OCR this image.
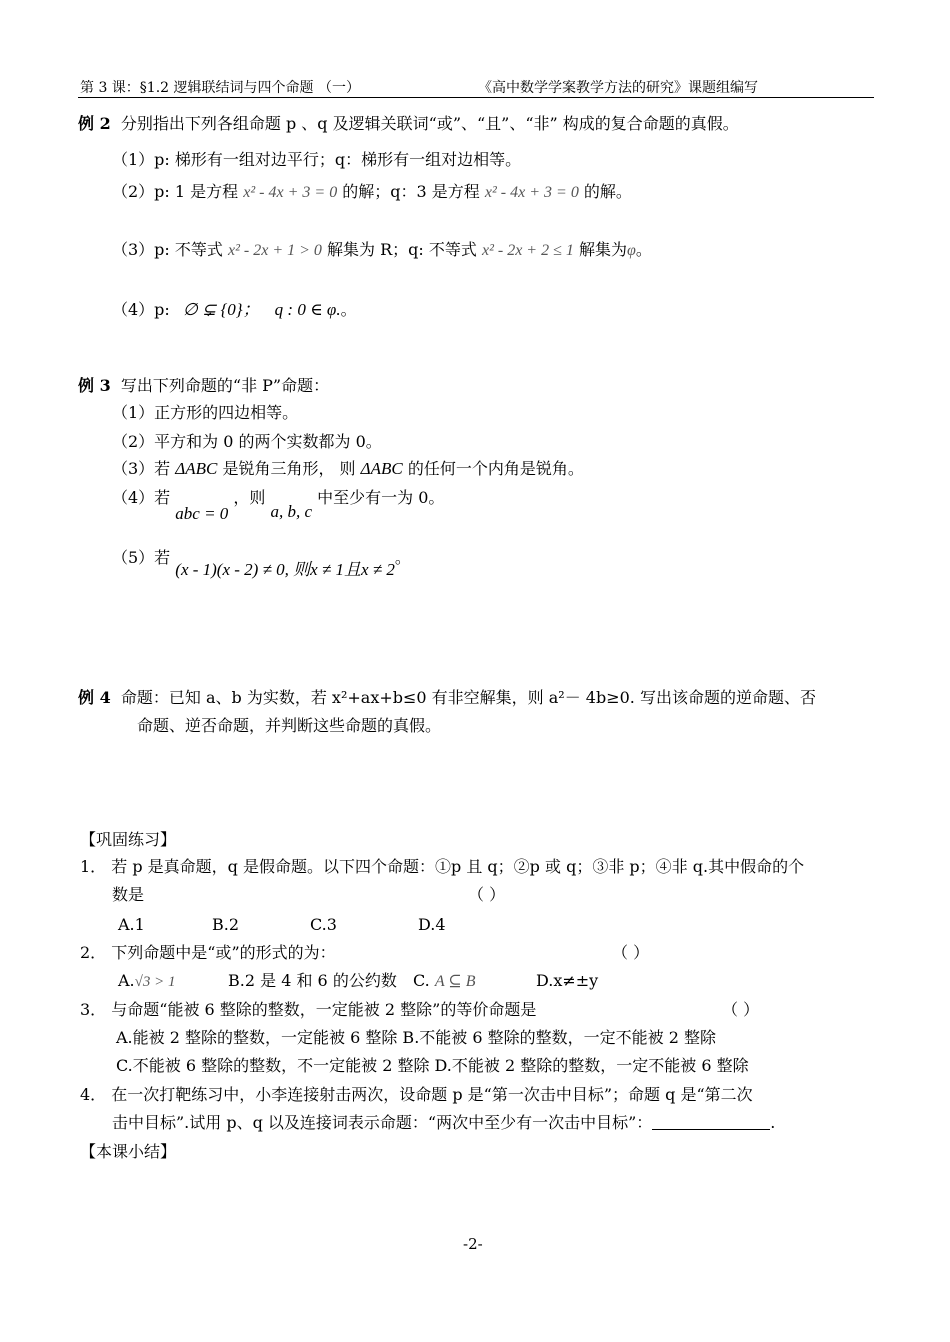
第 3 课：§1.2 逻辑联结词与四个命题 （一）	《高中数学学案教学方法的研究》课题组编写
例 2 分别指出下列各组命题 p 、q 及逻辑关联词“或”、“且”、“非” 构成的复合命题的真假。
（1）p: 梯形有一组对边平行；q：梯形有一组对边相等。
（2）p: 1 是方程 x² - 4x + 3 = 0 的解；q：3 是方程 x² - 4x + 3 = 0 的解。
（3）p: 不等式 x² - 2x + 1 > 0 解集为 R；q: 不等式 x² - 2x + 2 ≤ 1 解集为φ。
（4）p: ∅ ⊊ {0}； q : 0 ∈ φ.。
例 3 写出下列命题的“非 P”命题：
（1）正方形的四边相等。
（2）平方和为 0 的两个实数都为 0。
（3）若 ΔABC 是锐角三角形， 则 ΔABC 的任何一个内角是锐角。
（4）若 abc = 0 ，则 a, b, c 中至少有一为 0。
（5）若 (x - 1)(x - 2) ≠ 0, 则x ≠ 1且x ≠ 2。
例 4 命题：已知 a、b 为实数，若 x²+ax+b≤0 有非空解集，则 a²－ 4b≥0. 写出该命题的逆命题、否
命题、逆否命题，并判断这些命题的真假。
【巩固练习】
1． 若 p 是真命题，q 是假命题。以下四个命题：①p 且 q；②p 或 q；③非 p；④非 q.其中假命的个
数是	（ ）
A.1	B.2	C.3	D.4
2． 下列命题中是“或”的形式的为：	（ ）
A.√3 > 1	B.2 是 4 和 6 的公约数 C. A ⊆ B	D.x≠±y
3． 与命题“能被 6 整除的整数，一定能被 2 整除”的等价命题是	（ ）
A.能被 2 整除的整数，一定能被 6 整除 B.不能被 6 整除的整数，一定不能被 2 整除
C.不能被 6 整除的整数，不一定能被 2 整除 D.不能被 2 整除的整数，一定不能被 6 整除
4． 在一次打靶练习中，小李连接射击两次，设命题 p 是“第一次击中目标”；命题 q 是“第二次
击中目标”.试用 p、q 以及连接词表示命题：“两次中至少有一次击中目标”：	.
【本课小结】
-2-
